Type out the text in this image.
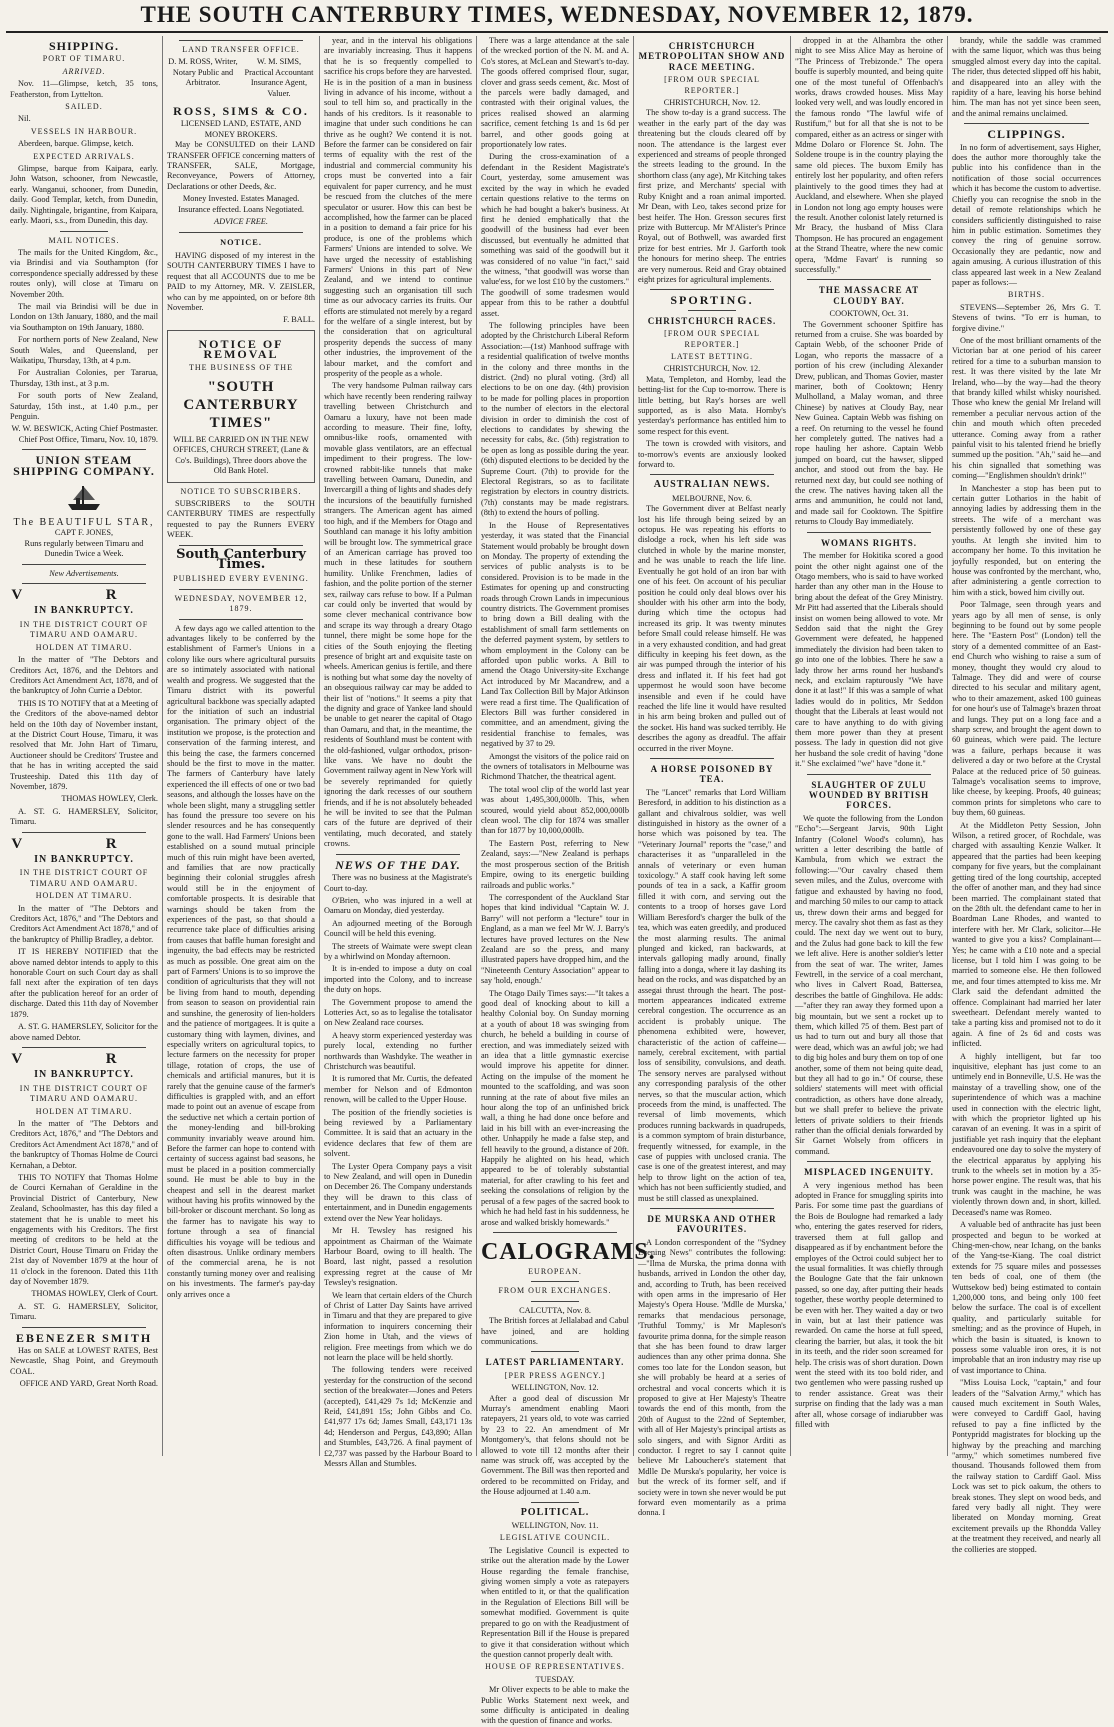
THE SOUTH CANTERBURY TIMES, WEDNESDAY, NOVEMBER 12, 1879.
SHIPPING.
PORT OF TIMARU.
ARRIVED.

Nov. 11—Glimpse, ketch, 35 tons, Featherston, from Lyttelton.

SAILED.

Nil.

VESSELS IN HARBOUR.

Aberdeen, barque. Glimpse, ketch.

EXPECTED ARRIVALS.

Glimpse, barque from Kaipara, early. John Watson, schooner, from Newcastle, early. Wanganui, schooner, from Dunedin, daily. Good Templar, ketch, from Dunedin, daily. Nightingale, brigantine, from Kaipara, early. Maori, s.s., from Dunedin, this day.

MAIL NOTICES.

The mails for the United Kingdom, &c., via Brindisi and via Southampton (for correspondence specially addressed by these routes only), will close at Timaru on November 20th.

The mail via Brindisi will be due in London on 13th January, 1880, and the mail via Southampton on 19th January, 1880.

For northern ports of New Zealand, New South Wales, and Queensland, per Waikatipu, Thursday, 13th, at 4 p.m.

For Australian Colonies, per Tararua, Thursday, 13th inst., at 3 p.m.

For south ports of New Zealand, Saturday, 15th inst., at 1.40 p.m., per Penguin.

W. W. BESWICK, Acting Chief Postmaster. Chief Post Office, Timaru, Nov. 10, 1879.

UNION STEAM SHIPPING COMPANY.
The BEAUTIFUL STAR,
CAPT F. JONES,

Runs regularly between Timaru and Dunedin Twice a Week.

New Advertisements.
V R
IN BANKRUPTCY.
IN THE DISTRICT COURT OF TIMARU AND OAMARU.
HOLDEN AT TIMARU.

In the matter of "The Debtors and Creditors Act, 1876, and the Debtors and Creditors Act Amendment Act, 1878, and of the bankruptcy of John Currie a Debtor.

THIS IS TO NOTIFY that at a Meeting of the Creditors of the above-named debtor held on the 10th day of November instant, at the District Court House, Timaru, it was resolved that Mr. John Hart of Timaru, Auctioneer should be Creditors' Trustee and that he has in writing accepted the said Trusteeship. Dated this 11th day of November, 1879.

THOMAS HOWLEY, Clerk.

A. ST. G. HAMERSLEY, Solicitor, Timaru.

V R
IN BANKRUPTCY.
IN THE DISTRICT COURT OF TIMARU AND OAMARU.
HOLDEN AT TIMARU.

In the matter of "The Debtors and Creditors Act, 1876," and "The Debtors and Creditors Act Amendment Act 1878," and of the bankruptcy of Phillip Bradley, a debtor.

IT IS HEREBY NOTIFIED that the above named debtor intends to apply to this honorable Court on such Court day as shall fall next after the expiration of ten days after the publication hereof for an order of discharge. Dated this 11th day of November 1879.

A. ST. G. HAMERSLEY, Solicitor for the above named Debtor.

V R
IN BANKRUPTCY.
IN THE DISTRICT COURT OF TIMARU AND OAMARU.
HOLDEN AT TIMARU.

In the matter of "The Debtors and Creditors Act, 1876," and "The Debtors and Creditors Act Amendment Act 1878," and of the bankruptcy of Thomas Holme de Courci Kernahan, a Debtor.

THIS TO NOTIFY that Thomas Holme de Courci Kernahan of Geraldine in the Provincial District of Canterbury, New Zealand, Schoolmaster, has this day filed a statement that he is unable to meet his engagements with his Creditors. The first meeting of creditors to be held at the District Court, House Timaru on Friday the 21st day of November 1879 at the hour of 11 o'clock in the forenoon. Dated this 11th day of November 1879.

THOMAS HOWLEY, Clerk of Court.

A. ST. G. HAMERSLEY, Solicitor, Timaru.

EBENEZER SMITH

Has on SALE at LOWEST RATES, Best Newcastle, Shag Point, and Greymouth COAL.

OFFICE AND YARD, Great North Road.

LAND TRANSFER OFFICE.

D. M. ROSS, Writer, Notary Public and Arbitrator.

W. M. SIMS, Practical Accountant Insurance Agent, Valuer.

ROSS, SIMS & CO.
LICENSED LAND, ESTATE, AND MONEY BROKERS.

May be CONSULTED on their LAND TRANSFER OFFICE concerning matters of TRANSFER, SALE, Mortgage, Reconveyance, Powers of Attorney, Declarations or other Deeds, &c.

Money Invested. Estates Managed. Insurance effected. Loans Negotiated.

ADVICE FREE.
NOTICE.

HAVING disposed of my interest in the SOUTH CANTERBURY TIMES I have to request that all ACCOUNTS due to me be PAID to my Attorney, MR. V. ZEISLER, who can by me appointed, on or before 8th November.

F. BALL.

NOTICE OF REMOVAL
THE BUSINESS OF THE
"SOUTH CANTERBURY TIMES"

WILL BE CARRIED ON IN THE NEW OFFICES, CHURCH STREET, (Lane & Co's. Buildings), Three doors above the Old Bank Hotel.

NOTICE TO SUBSCRIBERS.

SUBSCRIBERS to the SOUTH CANTERBURY TIMES are respectfully requested to pay the Runners EVERY WEEK.

South Canterbury Times.
PUBLISHED EVERY EVENING.
WEDNESDAY, NOVEMBER 12, 1879.

A few days ago we called attention to the advantages likely to be conferred by the establishment of Farmer's Unions in a colony like ours where agricultural pursuits are so intimately associated with national wealth and progress. We suggested that the Timaru district with its powerful agricultural backbone was specially adapted for the initiation of such an industrial organisation. The primary object of the institution we propose, is the protection and conservation of the farming interest, and this being the case, the farmers concerned should be the first to move in the matter. The farmers of Canterbury have lately experienced the ill effects of one or two bad seasons, and although the losses have on the whole been slight, many a struggling settler has found the pressure too severe on his slender resources and he has consequently gone to the wall. Had Farmers' Unions been established on a sound mutual principle much of this ruin might have been averted, and families that are now practically beginning their colonial struggles afresh would still be in the enjoyment of comfortable prospects. It is desirable that warnings should be taken from the experiences of the past, so that should a recurrence take place of difficulties arising from causes that baffle human foresight and ingenuity, the bad effects may be restricted as much as possible. One great aim on the part of Farmers' Unions is to so improve the condition of agriculturists that they will not be living from hand to mouth, depending from season to season on providential rain and sunshine, the generosity of lien-holders and the patience of mortgagees. It is quite a customary thing with laymen, divines, and especially writers on agricultural topics, to lecture farmers on the necessity for proper tillage, rotation of crops, the use of chemicals and artificial manures, but it is rarely that the genuine cause of the farmer's difficulties is grappled with, and an effort made to point out an avenue of escape from the seductive net which a certain portion of the money-lending and bill-broking community invariably weave around him. Before the farmer can hope to contend with certainty of success against bad seasons, he must be placed in a position commercially sound. He must be able to buy in the cheapest and sell in the dearest market without having his profits winnowed by the bill-broker or discount merchant. So long as the farmer has to navigate his way to fortune through a sea of financial difficulties his voyage will be tedious and often disastrous. Unlike ordinary members of the commercial arena, he is not constantly turning money over and realising on his investments. The farmer's pay-day only arrives once a

year, and in the interval his obligations are invariably increasing. Thus it happens that he is so frequently compelled to sacrifice his crops before they are harvested. He is in the position of a man in business living in advance of his income, without a soul to tell him so, and practically in the hands of his creditors. Is it reasonable to imagine that under such conditions he can thrive as he ought? We contend it is not. Before the farmer can be considered on fair terms of equality with the rest of the industrial and commercial community his crops must be converted into a fair equivalent for paper currency, and he must be rescued from the clutches of the mere speculator or usurer. How this can best be accomplished, how the farmer can be placed in a position to demand a fair price for his produce, is one of the problems which Farmers' Unions are intended to solve. We have urged the necessity of establishing Farmers' Unions in this part of New Zealand, and we intend to continue suggesting such an organisation till such time as our advocacy carries its fruits. Our efforts are stimulated not merely by a regard for the welfare of a single interest, but by the consideration that on agricultural prosperity depends the success of many other industries, the improvement of the labour market, and the comfort and prosperity of the people as a whole.

The very handsome Pulman railway cars which have recently been rendering railway travelling between Christchurch and Oamaru a luxury, have not been made according to measure. Their fine, lofty, omnibus-like roofs, ornamented with movable glass ventilators, are an effectual impediment to their progress. The low-crowned rabbit-like tunnels that make travelling between Oamaru, Dunedin, and Invercargill a thing of lights and shades defy the incursions of the beautifully furnished strangers. The American agent has aimed too high, and if the Members for Otago and Southland can manage it his lofty ambition will be brought low. The symmetrical grace of an American carriage has proved too much in these latitudes for southern humility. Unlike Frenchmen, ladies of fashion, and the polite portion of the sterner sex, railway cars refuse to bow. If a Pulman car could only be inverted that would by some clever mechanical contrivance bow and scrape its way through a dreary Otago tunnel, there might be some hope for the cities of the South enjoying the fleeting presence of bright art and exquisite taste on wheels. American genius is fertile, and there is nothing but what some day the novelty of an obsequious railway car may be added to their list of "notions." It seems a pity that the dignity and grace of Yankee land should be unable to get nearer the capital of Otago than Oamaru, and that, in the meantime, the residents of Southland must be content with the old-fashioned, vulgar orthodox, prison-like vans. We have no doubt the Government railway agent in New York will be severely reprimanded for quietly ignoring the dark recesses of our southern friends, and if he is not absolutely beheaded he will be invited to see that the Pulman cars of the future are deprived of their ventilating, much decorated, and stately crowns.

NEWS OF THE DAY.

There was no business at the Magistrate's Court to-day.

O'Brien, who was injured in a well at Oamaru on Monday, died yesterday.

An adjourned meeting of the Borough Council will be held this evening.

The streets of Waimate were swept clean by a whirlwind on Monday afternoon.

It is in-ended to impose a duty on coal imported into the Colony, and to increase the duty on hops.

The Government propose to amend the Lotteries Act, so as to legalise the totalisator on New Zealand race courses.

A heavy storm experienced yesterday was purely local, extending no further northwards than Washdyke. The weather in Christchurch was beautiful.

It is rumored that Mr. Curtis, the defeated member for Nelson and of Edmonton renown, will be called to the Upper House.

The position of the friendly societies is being reviewed by a Parliamentary Committee. It is said that an actuary in the evidence declares that few of them are solvent.

The Lyster Opera Company pays a visit to New Zealand, and will open in Dunedin on December 26. The Company understands they will be drawn to this class of entertainment, and in Dunedin engagements extend over the New Year holidays.

Mr H. Tewsley has resigned his appointment as Chairman of the Waimate Harbour Board, owing to ill health. The Board, last night, passed a resolution expressing regret at the cause of Mr Tewsley's resignation.

We learn that certain elders of the Church of Christ of Latter Day Saints have arrived in Timaru and that they are prepared to give information to inquirers concerning their Zion home in Utah, and the views of religion. Free meetings from which we do not learn the place will be held shortly.

The following tenders were received yesterday for the construction of the second section of the breakwater—Jones and Peters (accepted), £41,429 7s 1d; McKenzie and Reid, £41,891 15s; John Gibbs and Co. £41,977 17s 6d; James Small, £43,171 13s 4d; Henderson and Pergus, £43,890; Allan and Stumbles, £43,726. A final payment of £2,737 was passed by the Harbour Board to Messrs Allan and Stumbles.

There was a large attendance at the sale of the wrecked portion of the N. M. and A. Co's stores, at McLean and Stewart's to-day. The goods offered comprised flour, sugar, clover and grass seeds cement, &c. Most of the parcels were badly damaged, and contrasted with their original values, the prices realised showed an alarming sacrifice, cement fetching 1s and 1s 6d per barrel, and other goods going at proportionately low rates.

During the cross-examination of a defendant in the Resident Magistrate's Court, yesterday, some amusement was excited by the way in which he evaded certain questions relative to the terms on which he had bought a baker's business. At first he denied emphatically that the goodwill of the business had ever been discussed, but eventually he admitted that something was said of the goodwill but it was considered of no value "in fact," said the witness, "that goodwill was worse than value'ess, for we lost £10 by the customers." The goodwill of some tradesmen would appear from this to be rather a doubtful asset.

The following principles have been adopted by the Christchurch Liberal Reform Association:—(1st) Manhood suffrage with a residential qualification of twelve months in the colony and three months in the district. (2nd) no plural voting. (3rd) all elections to be on one day. (4th) provision to be made for polling places in proportion to the number of electors in the electoral division in order to diminish the cost of elections to candidates by shewing the necessity for cabs, &c. (5th) registration to be open as long as possible during the year. (6th) disputed elections to be decided by the Supreme Court. (7th) to provide for the Electoral Registrars, so as to facilitate registration by electors in country districts. (7th) constants may be made registrars. (8th) to extend the hours of polling.

In the House of Representatives yesterday, it was stated that the Financial Statement would probably be brought down on Monday. The property of extending the services of public analysts is to be considered. Provision is to be made in the Estimates for opening up and constructing roads through Crown Lands in impecunious country districts. The Government promises to bring down a Bill dealing with the establishment of small farm settlements on the deferred payment system, by settlers to whom employment in the Colony can be afforded upon public works. A Bill to amend the Otago University-site Exchange Act introduced by Mr Macandrew, and a Land Tax Collection Bill by Major Atkinson were read a first time. The Qualification of Electors Bill was further considered in committee, and an amendment, giving the residential franchise to females, was negatived by 37 to 29.

Amongst the visitors of the police raid on the owners of totalisators in Melbourne was Richmond Thatcher, the theatrical agent.

The total wool clip of the world last year was about 1,495,300,000lb. This, when scoured, would yield about 852,000,000lb clean wool. The clip for 1874 was smaller than for 1877 by 10,000,000lb.

The Eastern Post, referring to New Zealand, says:—"New Zealand is perhaps the most prosperous section of the British Empire, owing to its energetic building railroads and public works."

The correspondent of the Auckland Star hopes that kind individual "Captain W. J. Barry" will not perform a "lecture" tour in England, as a man we feel Mr W. J. Barry's lectures have proved lectures on the New Zealand are so the press, and many illustrated papers have dropped him, and the "Nineteenth Century Association" appear to say 'hold, enough.'

The Otago Daily Times says:—"It takes a good deal of knocking about to kill a healthy Colonial boy. On Sunday morning at a youth of about 18 was swinging from church, he beheld a building in course of erection, and was immediately seized with an idea that a little gymnastic exercise would improve his appetite for dinner. Acting on the impulse of the moment he mounted to the scaffolding, and was soon running at the rate of about five miles an hour along the top of an unfinished brick wall, a thing he had done once before and laid in his bill with an ever-increasing the other. Unhappily he made a false step, and fell heavily to the ground, a distance of 20ft. Happily he alighted on his head, which appeared to be of tolerably substantial material, for after crawling to his feet and seeking the consolations of religion by the perusal of a few pages of the sacred book to which he had held fast in his suddenness, he arose and walked briskly homewards."

CALOGRAMS.
EUROPEAN.
FROM OUR EXCHANGES.
CALCUTTA, Nov. 8.

The British forces at Jellalabad and Cabul have joined, and are holding communications.

LATEST PARLIAMENTARY.
[PER PRESS AGENCY.]
WELLINGTON, Nov. 12.

After a good deal of discussion Mr Murray's amendment enabling Maori ratepayers, 21 years old, to vote was carried by 23 to 22. An amendment of Mr Montgomery's, that felons should not be allowed to vote till 12 months after their name was struck off, was accepted by the Government. The Bill was then reported and ordered to be recommitted on Friday, and the House adjourned at 1.40 a.m.

POLITICAL.
WELLINGTON, Nov. 11.
LEGISLATIVE COUNCIL.

The Legislative Council is expected to strike out the alteration made by the Lower House regarding the female franchise, giving women simply a vote as ratepayers when entitled to it, or that the qualification in the Regulation of Elections Bill will be somewhat modified. Government is quite prepared to go on with the Readjustment of Representation Bill if the House is prepared to give it that consideration without which the question cannot properly dealt with.

HOUSE OF REPRESENTATIVES.
TUESDAY.

Mr Oliver expects to be able to make the Public Works Statement next week, and some difficulty is anticipated in dealing with the question of finance and works.

CHRISTCHURCH METROPOLITAN SHOW AND RACE MEETING.
[FROM OUR SPECIAL REPORTER.]
CHRISTCHURCH, Nov. 12.

The show to-day is a grand success. The weather in the early part of the day was threatening but the clouds cleared off by noon. The attendance is the largest ever experienced and streams of people thronged the streets leading to the ground. In the shorthorn class (any age), Mr Kitching takes first prize, and Merchants' special with Ruby Knight and a roan animal imported. Mr Dean, with Leo, takes second prize for best heifer. The Hon. Gresson secures first prize with Buttercup. Mr M'Alister's Prince Royal, out of Bothwell, was awarded first prize for best entries. Mr J. Garforth took the honours for merino sheep. The entries are very numerous. Reid and Gray obtained eight prizes for agricultural implements.

SPORTING.
CHRISTCHURCH RACES.
[FROM OUR SPECIAL REPORTER.]
LATEST BETTING.
CHRISTCHURCH, Nov. 12.

Mata, Templeton, and Hornby, lead the betting-list for the Cup to-morrow. There is little betting, but Ray's horses are well supported, as is also Mata. Hornby's yesterday's performance has entitled him to some respect for this event.

The town is crowded with visitors, and to-morrow's events are anxiously looked forward to.

AUSTRALIAN NEWS.
MELBOURNE, Nov. 6.

The Government diver at Belfast nearly lost his life through being seized by an octopus. He was repeating his efforts to dislodge a rock, when his left side was clutched in whole by the marine monster, and he was unable to reach the life line. Eventually he got hold of an iron bar with one of his feet. On account of his peculiar position he could only deal blows over his shoulder with his other arm into the body, during which time the octopus had increased its grip. It was twenty minutes before Small could release himself. He was in a very exhausted condition, and had great difficulty in keeping his feet down, as the air was pumped through the interior of his dress and inflated it. If his feet had got uppermost he would soon have become insensible and even if he could have reached the life line it would have resulted in his arm being broken and pulled out of the socket. His hand was sucked terribly. He describes the agony as dreadful. The affair occurred in the river Moyne.

A HORSE POISONED BY TEA.

The "Lancet" remarks that Lord William Beresford, in addition to his distinction as a gallant and chivalrous soldier, was well distinguished in history as the owner of a horse which was poisoned by tea. The "Veterinary Journal" reports the "case," and characterises it as "unparalleled in the annals of veterinary or even human toxicology." A staff cook having left some pounds of tea in a sack, a Kaffir groom filled it with corn, and serving out the contents to a troop of horses gave Lord William Beresford's charger the bulk of the tea, which was eaten greedily, and produced the most alarming results. The animal plunged and kicked, ran backwards, at intervals galloping madly around, finally falling into a donga, where it lay dashing its head on the rocks, and was dispatched by an assegai thrust through the heart. The post-mortem appearances indicated extreme cerebral congestion. The occurrence as an accident is probably unique. The phenomena exhibited were, however, characteristic of the action of caffeine—namely, cerebral excitement, with partial loss of sensibility, convulsions, and death. The sensory nerves are paralysed without any corresponding paralysis of the other nerves, so that the muscular action, which proceeds from the mind, is unaffected. The reversal of limb movements, which produces running backwards in quadrupeds, is a common symptom of brain disturbance, frequently witnessed, for example, in the case of puppies with unclosed crania. The case is one of the greatest interest, and may help to throw light on the action of tea, which has not been sufficiently studied, and must be still classed as unexplained.

DE MURSKA AND OTHER FAVOURITES.

A London correspondent of the "Sydney Evening News" contributes the following:—"Ilma de Murska, the prima donna with husbands, arrived in London the other day, and, according to Truth, has been received with open arms in the impresario of Her Majesty's Opera House. 'Mdlle de Murska,' remarks that mendacious personage, 'Truthful Tommy,' is Mr Mapleson's favourite prima donna, for the simple reason that she has been found to draw larger audiences than any other prima donna. She comes too late for the London season, but she will probably be heard at a series of orchestral and vocal concerts which it is proposed to give at Her Majesty's Theatre towards the end of this month, from the 20th of August to the 22nd of September, with all of Her Majesty's principal artists as solo singers, and with Signor Arditi as conductor. I regret to say I cannot quite believe Mr Labouchere's statement that Mdlle De Murska's popularity, her voice is but the wreck of its former self, and if society were in town she never would be put forward even momentarily as a prima donna. I

dropped in at the Alhambra the other night to see Miss Alice May as heroine of "The Princess of Trebizonde." The opera bouffe is superbly mounted, and being quite one of the most tuneful of Offenbach's works, draws crowded houses. Miss May looked very well, and was loudly encored in the famous rondo "The lawful wife of Rustifum," but for all that she is not to be compared, either as an actress or singer with Mdme Dolaro or Florence St. John. The Soldene troupe is in the country playing the same old pieces. The buxom Emily has entirely lost her popularity, and often refers plaintively to the good times they had at Auckland, and elsewhere. When she played in London not long ago empty houses were the result. Another colonist lately returned is Mr Bracy, the husband of Miss Clara Thompson. He has procured an engagement at the Strand Theatre, where the new comic opera, 'Mdme Favart' is running so successfully."

THE MASSACRE AT CLOUDY BAY.
COOKTOWN, Oct. 31.

The Government schooner Spitfire has returned from a cruise. She was boarded by Captain Webb, of the schooner Pride of Logan, who reports the massacre of a portion of his crew (including Alexander Drew, publican, and Thomas Govier, master mariner, both of Cooktown; Henry Mulholland, a Malay woman, and three Chinese) by natives at Cloudy Bay, near New Guinea. Captain Webb was fishing on a reef. On returning to the vessel he found her completely gutted. The natives had a rope hauling her ashore. Captain Webb jumped on board, cut the hawser, slipped anchor, and stood out from the bay. He returned next day, but could see nothing of the crew. The natives having taken all the arms and ammunition, he could not land, and made sail for Cooktown. The Spitfire returns to Cloudy Bay immediately.

WOMANS RIGHTS.

The member for Hokitika scored a good point the other night against one of the Otago members, who is said to have worked harder than any other man in the House to bring about the defeat of the Grey Ministry. Mr Pitt had asserted that the Liberals should insist on women being allowed to vote. Mr Seddon said that the night the Grey Government were defeated, he happened immediately the division had been taken to go into one of the lobbies. There he saw a lady throw her arms round her husband's neck, and exclaim rapturously "We have done it at last!" If this was a sample of what ladies would do in politics, Mr Seddon thought that the Liberals at least would not care to have anything to do with giving them more power than they at present possess. The lady in question did not give her husband the sole credit of having "done it." She exclaimed "we" have "done it."

SLAUGHTER OF ZULU WOUNDED BY BRITISH FORCES.

We quote the following from the London "Echo":—Sergeant Jarvis, 90th Light Infantry (Colonel Wood's column), has written a letter describing the battle of Kambula, from which we extract the following:—"Our cavalry chased them seven miles, and the Zulus, overcome with fatigue and exhausted by having no food, and marching 50 miles to our camp to attack us, threw down their arms and begged for mercy. The cavalry shot them as fast as they could. The next day we went out to bury, and the Zulus had gone back to kill the few we left alive. Here is another soldier's letter from the seat of war. The writer, James Fewtrell, in the service of a coal merchant, who lives in Calvert Road, Battersea, describes the battle of Ginghilova. He adds:—"after they ran away they formed upon a big mountain, but we sent a rocket up to them, which killed 75 of them. Best part of us had to turn out and bury all those that were dead, which was an awful job; we had to dig big holes and bury them on top of one another, some of them not being quite dead, but they all had to go in." Of course, these soldiers' statements will meet with official contradiction, as others have done already, but we shall prefer to believe the private letters of private soldiers to their friends rather than the official denials forwarded by Sir Garnet Wolsely from officers in command.

MISPLACED INGENUITY.

A very ingenious method has been adopted in France for smuggling spirits into Paris. For some time past the guardians of the Bois de Boulogne had remarked a lady who, entering the gates reserved for riders, traversed them at full gallop and disappeared as if by enchantment before the employes of the Octroi could subject her to the usual formalities. It was chiefly through the Boulogne Gate that the fair unknown passed, so one day, after putting their heads together, these worthy people determined to be even with her. They waited a day or two in vain, but at last their patience was rewarded. On came the horse at full speed, clearing the barrier, but alas, it took the bit in its teeth, and the rider soon screamed for help. The crisis was of short duration. Down went the steed with its too bold rider, and two gentlemen who were passing rushed up to render assistance. Great was their surprise on finding that the lady was a man after all, whose corsage of indiarubber was filled with

brandy, while the saddle was crammed with the same liquor, which was thus being smuggled almost every day into the capital. The rider, thus detected slipped off his habit, and disappeared into an alley with the rapidity of a hare, leaving his horse behind him. The man has not yet since been seen, and the animal remains unclaimed.

CLIPPINGS.

In no form of advertisement, says Higher, does the author more thoroughly take the public into his confidence than in the notification of those social occurrences which it has become the custom to advertise. Chiefly you can recognise the snob in the detail of remote relationships which he considers sufficiently distinguished to raise him in public estimation. Sometimes they convey the ring of genuine sorrow. Occasionally they are pedantic, now and again amusing. A curious illustration of this class appeared last week in a New Zealand paper as follows:—

BIRTHS.

STEVENS—September 26, Mrs G. T. Stevens of twins. "To err is human, to forgive divine."

One of the most brilliant ornaments of the Victorian bar at one period of his career retired for a time to a suburban mansion to rest. It was there visited by the late Mr Ireland, who—by the way—had the theory that brandy killed whilst whisky nourished. Those who knew the genial Mr Ireland will remember a peculiar nervous action of the chin and mouth which often preceded utterance. Coming away from a rather painful visit to his talented friend he briefly summed up the position. "Ah," said he—and his chin signalled that something was coming—"Englishmen shouldn't drink!"

In Manchester a stop has been put to certain gutter Lotharios in the habit of annoying ladies by addressing them in the streets. The wife of a merchant was persistently followed by one of these gay youths. At length she invited him to accompany her home. To this invitation he joyfully responded, but on entering the house was confronted by the merchant, who, after administering a gentle correction to him with a stick, bowed him civilly out.

Poor Talmage, seen through years and years ago by all men of sense, is only beginning to be found out by some people here. The "Eastern Post" (London) tell the story of a demented committee of an East-end Church who wishing to raise a sum of money, thought they would cry aloud to Talmage. They did and were of course directed to his secular and military agent, who to their amazement, asked 100 guineas for one hour's use of Talmage's brazen throat and lungs. They put on a long face and a sharp screw, and brought the agent down to 60 guineas, which were paid. The lecture was a failure, perhaps because it was delivered a day or two before at the Crystal Palace at the reduced price of 50 guineas. Talmage's vocalisation seems to improve, like cheese, by keeping. Proofs, 40 guineas; common prints for simpletons who care to buy them, 60 guineas.

At the Middleton Petty Session, John Wilson, a retired grocer, of Rochdale, was charged with assaulting Kenzie Walker. It appeared that the parties had been keeping company for five years, but the complainant getting tired of the long courtship, accepted the offer of another man, and they had since been married. The complainant stated that on the 28th ult. the defendant came to her in Boardman Lane Rhodes, and wanted to interfere with her. Mr Clark, solicitor—He wanted to give you a kiss? Complainant—Yes; he came with a £10 note and a special license, but I told him I was going to be married to someone else. He then followed me, and four times attempted to kiss me. Mr Clark said the defendant admitted the offence. Complainant had married her later sweetheart. Defendant merely wanted to take a parting kiss and promised not to do it again. A fine of 2s 6d and costs was inflicted.

A highly intelligent, but far too inquisitive, elephant has just come to an untimely end in Bonneville, U.S. He was the mainstay of a travelling show, one of the superintendence of which was a machine used in connection with the electric light, with which the proprietor lighted up his caravan of an evening. It was in a spirit of justifiable yet rash inquiry that the elephant endeavoured one day to solve the mystery of the electrical apparatus by applying his trunk to the wheels set in motion by a 35-horse power engine. The result was, that his trunk was caught in the machine, he was violently thrown down and, in short, killed. Deceased's name was Romeo.

A valuable bed of anthracite has just been prospected and begun to be worked at Ching-men-chow, near Ichang, on the banks of the Yang-tse-Kiang. The coal district extends for 75 square miles and possesses ten beds of coal, one of them (the Wuttsekow bed) being estimated to contain 1,200,000 tons, and being only 100 feet below the surface. The coal is of excellent quality, and particularly suitable for smelting; and as the province of Hupeh, in which the basin is situated, is known to possess some valuable iron ores, it is not improbable that an iron industry may rise up of vast importance to China.

"Miss Louisa Lock, "captain," and four leaders of the "Salvation Army," which has caused much excitement in South Wales, were conveyed to Cardiff Gaol, having refused to pay a fine inflicted by the Pontypridd magistrates for blocking up the highway by the preaching and marching "army," which sometimes numbered five thousand. Thousands followed them from the railway station to Cardiff Gaol. Miss Lock was set to pick oakum, the others to break stones. They slept on wood beds, and fared very badly all night. They were liberated on Monday morning. Great excitement prevails up the Rhondda Valley at the treatment they received, and nearly all the collieries are stopped.
